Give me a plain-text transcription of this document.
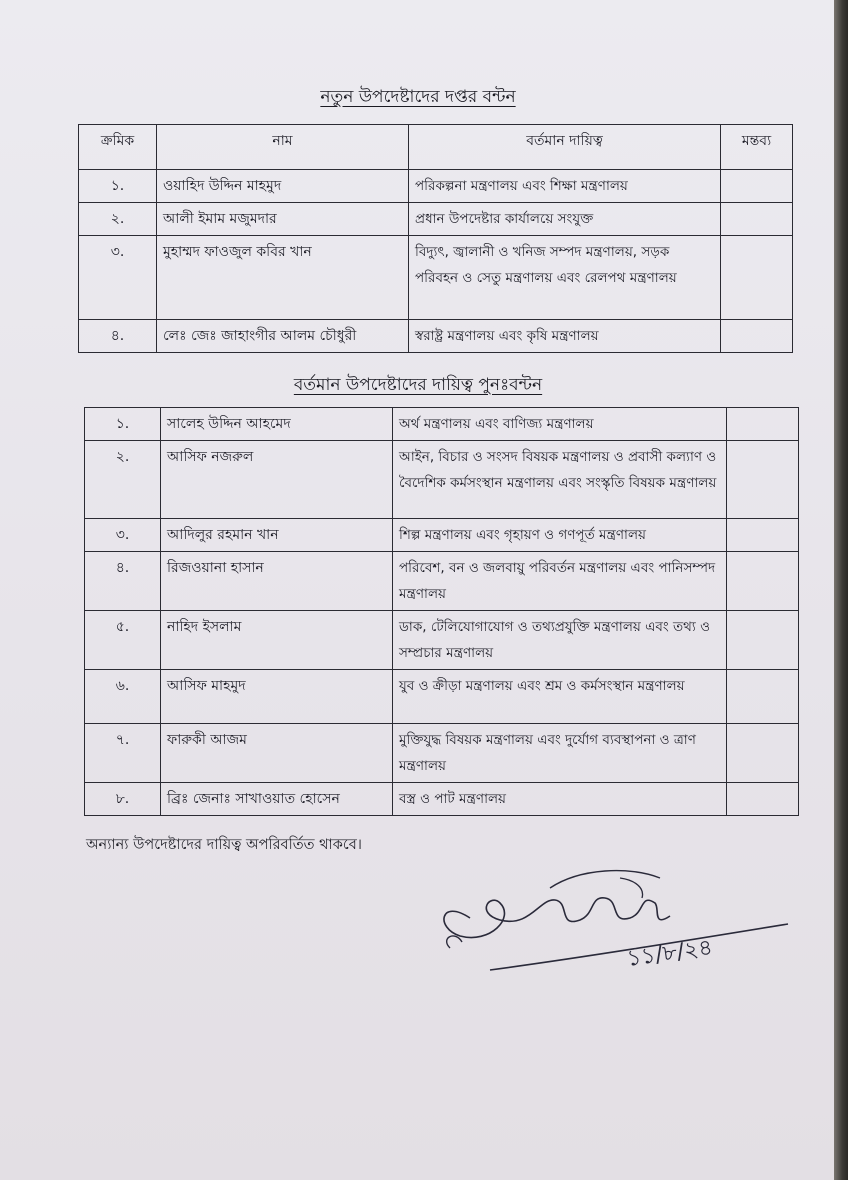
নতুন উপদেষ্টাদের দপ্তর বন্টন
ক্রমিক	নাম	বর্তমান দায়িত্ব	মন্তব্য
১.	ওয়াহিদ উদ্দিন মাহমুদ	পরিকল্পনা মন্ত্রণালয় এবং শিক্ষা মন্ত্রণালয়	
২.	আলী ইমাম মজুমদার	প্রধান উপদেষ্টার কার্যালয়ে সংযুক্ত	
৩.	মুহাম্মদ ফাওজুল কবির খান	বিদ্যুৎ, জ্বালানী ও খনিজ সম্পদ মন্ত্রণালয়, সড়ক পরিবহন ও সেতু মন্ত্রণালয় এবং রেলপথ মন্ত্রণালয়	
৪.	লেঃ জেঃ জাহাংগীর আলম চৌধুরী	স্বরাষ্ট্র মন্ত্রণালয় এবং কৃষি মন্ত্রণালয়	
বর্তমান উপদেষ্টাদের দায়িত্ব পুনঃবন্টন
১.	সালেহ উদ্দিন আহমেদ	অর্থ মন্ত্রণালয় এবং বাণিজ্য মন্ত্রণালয়	
২.	আসিফ নজরুল	আইন, বিচার ও সংসদ বিষয়ক মন্ত্রণালয় ও প্রবাসী কল্যাণ ও বৈদেশিক কর্মসংস্থান মন্ত্রণালয় এবং সংস্কৃতি বিষয়ক মন্ত্রণালয়	
৩.	আদিলুর রহমান খান	শিল্প মন্ত্রণালয় এবং গৃহায়ণ ও গণপূর্ত মন্ত্রণালয়	
৪.	রিজওয়ানা হাসান	পরিবেশ, বন ও জলবায়ু পরিবর্তন মন্ত্রণালয় এবং পানিসম্পদ মন্ত্রণালয়	
৫.	নাহিদ ইসলাম	ডাক, টেলিযোগাযোগ ও তথ্যপ্রযুক্তি মন্ত্রণালয় এবং তথ্য ও সম্প্রচার মন্ত্রণালয়	
৬.	আসিফ মাহমুদ	যুব ও ক্রীড়া মন্ত্রণালয় এবং শ্রম ও কর্মসংস্থান মন্ত্রণালয়	
৭.	ফারুকী আজম	মুক্তিযুদ্ধ বিষয়ক মন্ত্রণালয় এবং দুর্যোগ ব্যবস্থাপনা ও ত্রাণ মন্ত্রণালয়	
৮.	ব্রিঃ জেনাঃ সাখাওয়াত হোসেন	বস্ত্র ও পাট মন্ত্রণালয়	
অন্যান্য উপদেষ্টাদের দায়িত্ব অপরিবর্তিত থাকবে।
১১/৮/২৪
